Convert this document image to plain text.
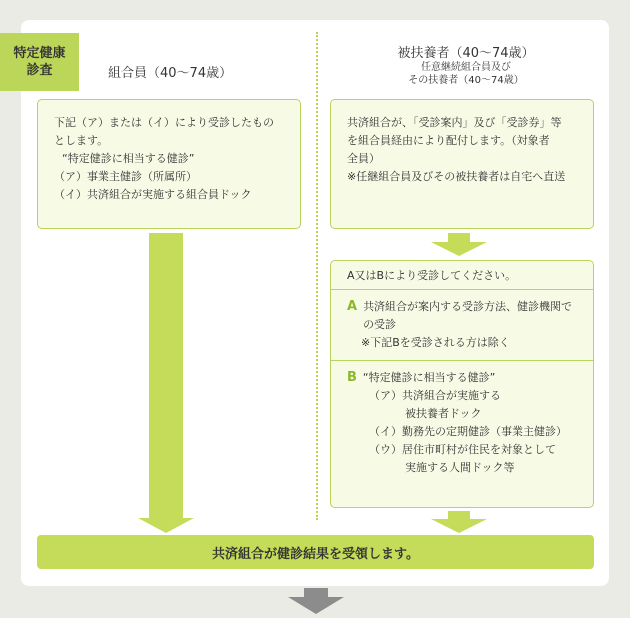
特定健康
診査	組合員（40～74歳）
被扶養者（40～74歳）
任意継続組合員及び
その扶養者（40～74歳）

下記（ア）または（イ）により受診したもの

とします。

“特定健診に相当する健診”

（ア）事業主健診（所属所）

（イ）共済組合が実施する組合員ドック

共済組合が、「受診案内」及び「受診券」等

を組合員経由により配付します。（対象者

全員）

※任継組合員及びその被扶養者は自宅へ直送

A又はBにより受診してください。
A 共済組合が案内する受診方法、健診機関での受診

※下記Bを受診される方は除く

B “特定健診に相当する健診”

（ア）共済組合が実施する

被扶養者ドック

（イ）勤務先の定期健診（事業主健診）

（ウ）居住市町村が住民を対象として

実施する人間ドック等

共済組合が健診結果を受領します。
